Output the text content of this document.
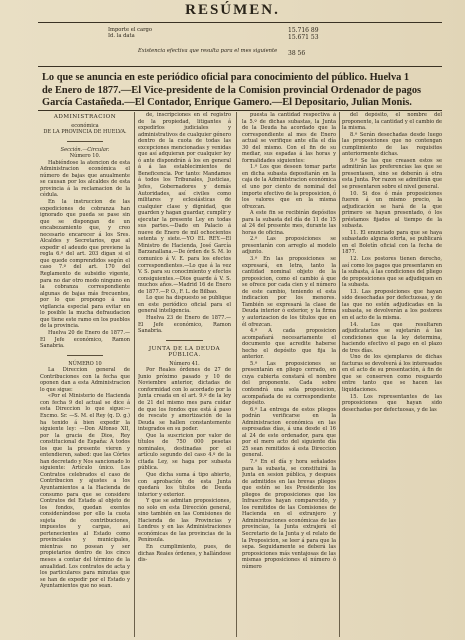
RESÚMEN.
Importe el cargo
Id. la data
15.716 89
15.671 53
Existencia efectiva que resulta para el mes siguiente	38 56
Lo que se anuncia en este periódico oficial para conocimiento del público. Huelva 1
de Enero de 1877.—El Vice-presidente de la Comision provincial Ordenador de pagos
García Castañeda.—El Contador, Enrique Gamero.—El Depositario, Julian Monis.

ADMINISTRACION

económica

DE LA PROVINCIA DE HUELVA.

Sección.—Circular.

Número 10.

Habiéndose la atencion de esta Administracion económica el número de bajas que anualmente se causan por los alcaldes de esta provincia á la reclamacion de la cédula.

En la instruccion de las expediciones de cobranza han ignorado que pueda se pase sin que se dispongan de un encabezamiento que, y creo necesario encarecer á los Sres. Alcaldes y Secretarios, que al expedir el adeudo que previene la regla 6.ª del art. 203 digan si el que quede comprendidos según el caso 7.º del art. 170 del Reglamento de subsidio vigente, para no dar otro modo ninguno en la cobranza correspondiente algunas de bajas más frecuentes, por lo que propongo á una vigilancia especial para evitar en lo posible la mucha defraudacion que tiene este ramo en los pueblos de la provincia.

Huelva 20 de Enero de 1877.— El Jefe económico, Ramon Sanabria.

NÚMERO 10

La Direccion general de Contribuciones con la fecha que oponen dan a esta Administracion lo que sigue:

«Por el Ministerio de Hacienda con fecha 9 del actual se dice á esta Direccion lo que sigue:—Excmo. Sr. —S. M. el Rey (q. D. g.) ha tenido á bien expedir la siguiente ley: —Don Alfonso XII, por la gracia de Dios, Rey constitucional de España: A todos los que la presente vieren y entendieren, sabed: que las Córtes han decretado y Nos sancionado lo siguiente: Artículo único. Los Contratos celebrados el caso de Contribucion y ajustes a los Ayuntamientos a la Hacienda de consumo para que se considere Contratos del Estado al objeto de los fondos, quedan exentos considerándose por ello la cuota sujeta de contribuciones, impuestos y cargas, así pertenecientes al Estado como provinciales y municipales, mientras no posean y ser propietarios dentro de los cinco meses a contar del término de la anualidad. Los contratos de acta y los particulares para minutas que se han de expedir por el Estado y Ayuntamientos que no sean.

de, inscripciones en el registro de la propiedad, litigantes á expedirlos judiciales y administrativos de cualquier género dentro de la cuota de todas las excepciones mencionadas y venidas que así adquieran por cualquier ley ó ante dispondrán á los en general á á las establecimientos de Beneficencia. Por tanto: Mandamos á todos los Tribunales, Justicias, Jefes, Gobernadores y demás Autoridades, así civiles como militares y eclesiásticas de cualquier clase y dignidad, que guarden y hagan guardar, cumplir y ejecutar la presente Ley en todas sus partes.—Dado en Palacio á nueve de Enero de mil ochocientos setenta y siete.—YO EL REY.—El Ministro de Hacienda, José García Barzanallana.—De órden de S. M. lo comunico á V. E. para los efectos correspondientes.—Lo que á la vez V. S. para su conocimiento y efectos consiguientes.—Dios guarde á V. S. muchos años.—Madrid 16 de Enero de 1877.—P. O., F. L. de Bilbao.

Lo que ha dispuesto se publique en este periódico oficial para el general inteligencia.

Huelva 23 de Enero de 1877.— El Jefe económico, Ramon Sanabria.

JUNTA DE LA DEUDA PÚBLICA.

Número 41.

Por Reales órdenes de 27 de Junio próximo pasado y 10 de Noviembre anterior, dictadas de conformidad con lo acordado por la Junta creada en el art. 9.º de la ley de 21 del mismo mes para cuidar de que los fondos que está á paso de rescate y amortización de la Deuda se hallen constantemente integrados en su poder.

Que la suscricion por valor de títulos de 750 000 pesetas nominales, destinadas por el artículo segundo del caso 4.º de la citada Ley, se haga por subasta pública.

Que dicha suma á tipo abierto, con aprobación de esta Junta quedará los títulos de Deuda interior y exterior.

Y que se admitan proposiciones, no solo en esta Dirección general, sino también en las Comisiones de Hacienda de las Provincias y Londres y en las Administraciones económicas de las provincias de la Península.

En cumplimiento, pues, de dichas Reales órdenes, y hallándose dis-

puesta la cantidad respectiva á la 5.º de dichas subastas, la Junta de la Deuda ha acordado que la correspondiente al mes de Enero actual se verifique ante ella el día 30 del mismo. Con el fin de su mediar, sus espadas á las horas y formalidades siguientes:

1.ª Los que deseen tomar parte en dicha subasta depositarán en la caja de la Administracion económica el uno por ciento de nominal del importe efectivo de la proposicion, ó los valores que en la misma ofrezcan.

A este fin se recibirán depósitos para la subasta del día de 11 de 15 al 24 del presente mes, durante las horas de oficina.

2.ª Las proposiciones se presentarán con arreglo al modelo adjunto.

3.ª En las proposiciones se expresará, en letra, tanto la cantidad nominal objeto de la proposicion, como el cambio á que se ofrece por cada cien y el número de este cambio, teniendo el esta indicacion por los menores. También se expresará la clase de Deuda interior ó exterior, y la firma y autorizacion de los títulos que en él ofrezcan.

4.ª A cada proposicion acompañará necesariamente el documento que acredite haberse hecho el depósito que fija la anterior.

5.ª Las proposiciones se presentarán en pliego cerrado, en cuya cubierta constará el nombre del proponente. Cada sobre contendrá una sola proposicion, acompañada de su correspondiente depósito.

6.ª La entrega de estos pliegos podrán verificarse en la Administracion económica en las espresadas días, á una desde el 16 al 24 de este ordenador, para que por el mero acto del siguiente día 25 sean remitidos á esta Direccion general.

7.ª En el día y hora señalados para la subasta, se constituirá la Junta en sesion pública, y despues de admitidos en las brevas pliegos que estén se les Presidente los pliegos de proposiciones que los Infrascritos hayan comparecido, y los remitidos de las Comisiones de Hacienda en el extranjero y Administraciones económicas de las provincias, la Junta extrajerá el Secretario de la Junta y el relato de la Proposicion, se leer á para que la sepa. Seguidamente se deberá las proposiciones más ventajosas de las mismas proposiciones el número ó número

del depósito, el nombre del proponente, la cantidad y el cambio de la misma.

8.ª Serán desechadas desde luego las proposiciones que no contengan cumplimiento de las requisitos anteriormente dichas.

9.ª Se las que creasen estos se admitirán las preferencias las que se presentasen, sino se deberán á otra esta Junta. Por razon se admitirán que se presentaren sobre el nivel general.

10. Si dos ó más proposiciones fueren á un mismo precio, la adjudicación se hará de la que primero se hayan presentado, ó los préstamos fijados al tiempo de la subasta.

11. El enunciado para que se haya subastado alguna oferta, se publicará en el Boletín oficial con la fecha de 1877.

12. Los postores tienen derecho, así como los pagos que presentaren en la subasta, á las condiciones del pliego de proposiciones que se adjudiquen en la subasta.

13. Las proposiciones que hayan sido desechadas por defectuosas, y de las que no estén adjudicadas en la subasta, se devolverán a los postores en el acto de la misma.

14. Los que resultaren adjudicatarios se sujetarán á las condiciones que la ley determina, haciendo efectivo el pago en el plazo de tres días.

Uno de los ejemplares de dichas facturas se devolverá á los interesados en el acto de su presentación, á fin de que se conserven como resguardo entre tanto que se hacen las liquidaciones.

15. Los representantes de las proposiciones que hayan sido desechadas por defectuosas, y de las
